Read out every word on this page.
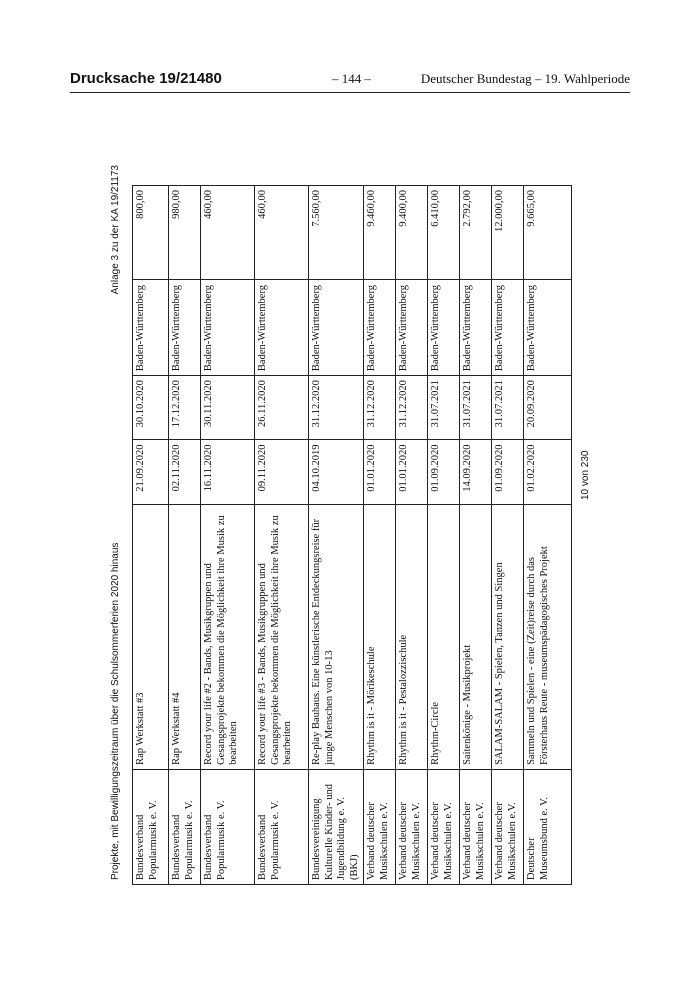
Drucksache 19/21480	– 144 –	Deutscher Bundestag – 19. Wahlperiode
Projekte, mit Bewilligungszeitraum über die Schulsommerferien 2020 hinaus
Anlage 3 zu der KA 19/21173
Bundesverband Popularmusik e. V.	Rap Werkstatt #3	21.09.2020	30.10.2020	Baden-Württemberg	800,00
Bundesverband Popularmusik e. V.	Rap Werkstatt #4	02.11.2020	17.12.2020	Baden-Württemberg	980,00
Bundesverband Popularmusik e. V.	Record your life #2 - Bands, Musikgruppen und Gesangsprojekte bekommen die Möglichkeit ihre Musik zu bearbeiten	16.11.2020	30.11.2020	Baden-Württemberg	460,00
Bundesverband Popularmusik e. V.	Record your life #3 - Bands, Musikgruppen und Gesangsprojekte bekommen die Möglichkeit ihre Musik zu bearbeiten	09.11.2020	26.11.2020	Baden-Württemberg	460,00
Bundesvereinigung Kulturelle Kinder- und Jugendbildung e. V. (BKJ)	Re-play Bauhaus. Eine künstlerische Entdeckungsreise für junge Menschen von 10-13	04.10.2019	31.12.2020	Baden-Württemberg	7.560,00
Verband deutscher Musikschulen e.V.	Rhythm is it - Mörikeschule	01.01.2020	31.12.2020	Baden-Württemberg	9.460,00
Verband deutscher Musikschulen e.V.	Rhythm is it - Pestalozzischule	01.01.2020	31.12.2020	Baden-Württemberg	9.400,00
Verband deutscher Musikschulen e.V.	Rhythm-Circle	01.09.2020	31.07.2021	Baden-Württemberg	6.410,00
Verband deutscher Musikschulen e.V.	Saitenkönige - Musikprojekt	14.09.2020	31.07.2021	Baden-Württemberg	2.792,00
Verband deutscher Musikschulen e.V.	SALAM-SALAM - Spielen, Tanzen und Singen	01.09.2020	31.07.2021	Baden-Württemberg	12.000,00
Deutscher Museumsbund e. V.	Sammeln und Spielen - eine (Zeit)reise durch das Försterhaus Reute - museumspädagogisches Projekt	01.02.2020	20.09.2020	Baden-Württemberg	9.665,00
10 von 230
